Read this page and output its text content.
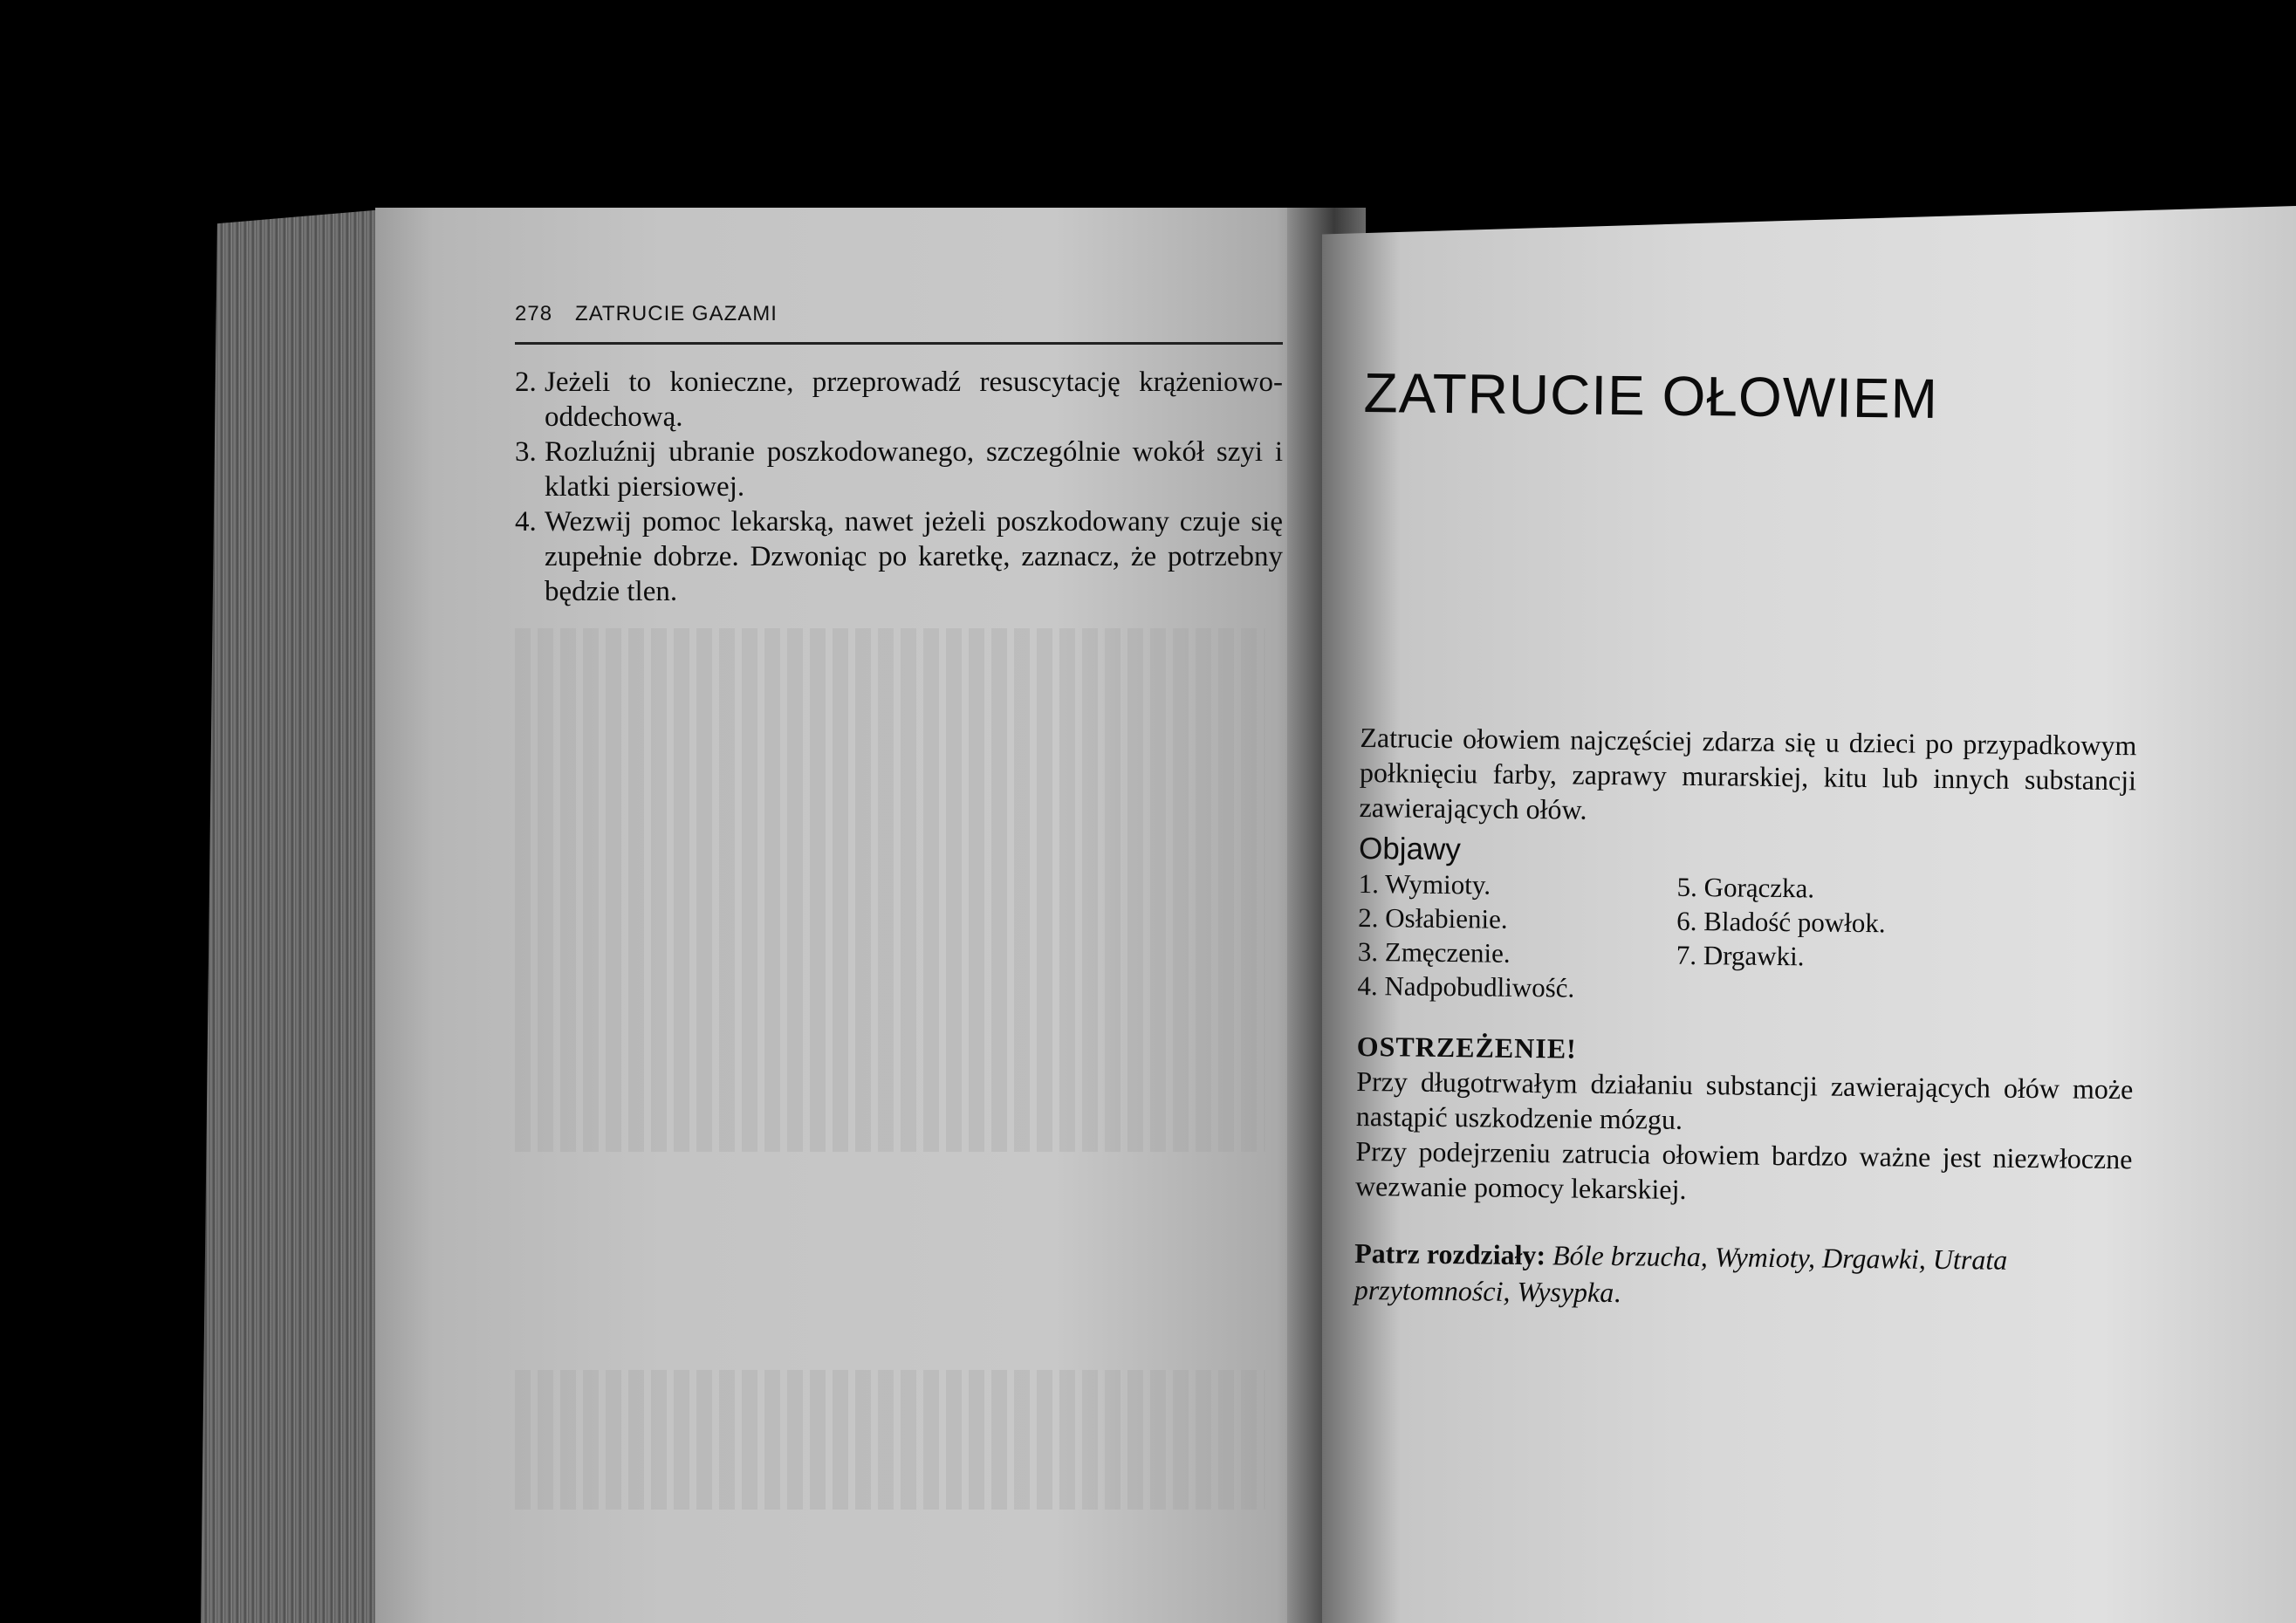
278 ZATRUCIE GAZAMI
2. Jeżeli to konieczne, przeprowadź resuscytację krążeniowo-oddechową.
3. Rozluźnij ubranie poszkodowanego, szczególnie wokół szyi i klatki piersiowej.
4. Wezwij pomoc lekarską, nawet jeżeli poszkodowany czuje się zupełnie dobrze. Dzwoniąc po karetkę, zaznacz, że potrzebny będzie tlen.
ZATRUCIE OŁOWIEM
Zatrucie ołowiem najczęściej zdarza się u dzieci po przypadkowym połknięciu farby, zaprawy murarskiej, kitu lub innych substancji zawierających ołów.
Objawy
1. Wymioty.
2. Osłabienie.
3. Zmęczenie.
4. Nadpobudliwość.
5. Gorączka.
6. Bladość powłok.
7. Drgawki.
OSTRZEŻENIE!

Przy długotrwałym działaniu substancji zawierających ołów może nastąpić uszkodzenie mózgu.

Przy podejrzeniu zatrucia ołowiem bardzo ważne jest niezwłoczne wezwanie pomocy lekarskiej.

Patrz rozdziały: Bóle brzucha, Wymioty, Drgawki, Utrata przytomności, Wysypka.
